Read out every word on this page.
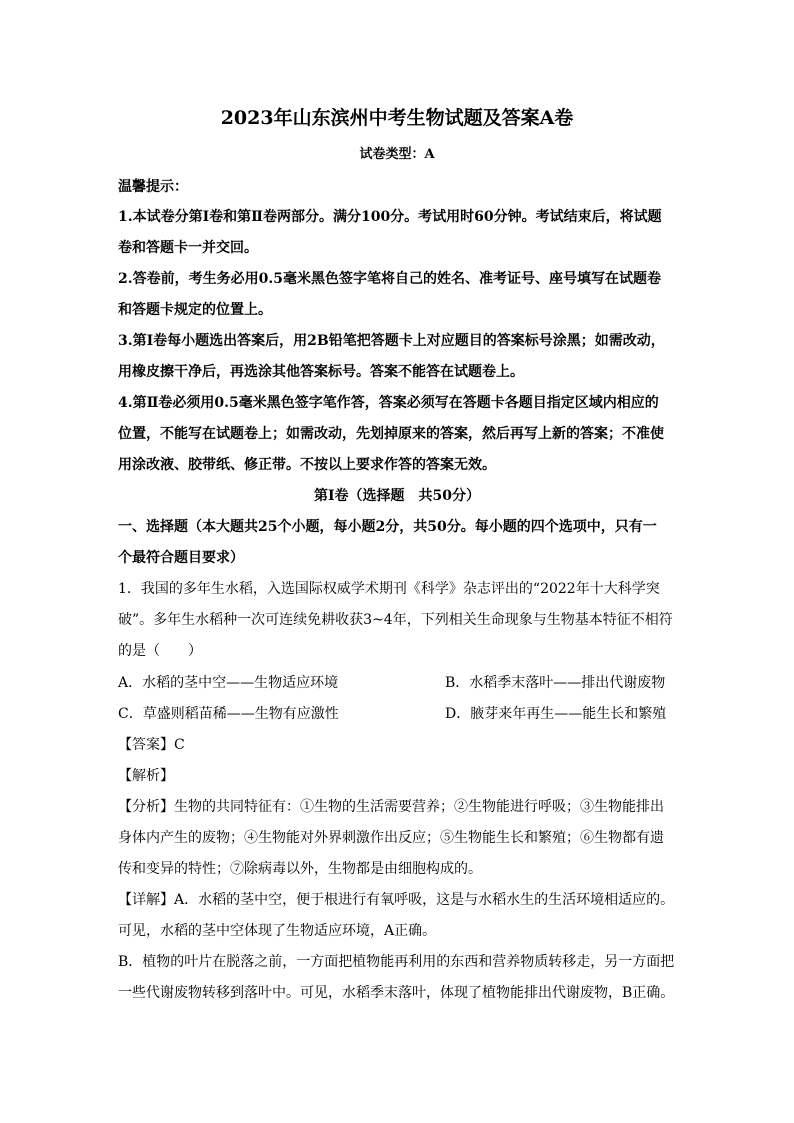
2023年山东滨州中考生物试题及答案A卷
试卷类型：A
温馨提示：
1.本试卷分第Ⅰ卷和第Ⅱ卷两部分。满分100分。考试用时60分钟。考试结束后，将试题
卷和答题卡一并交回。
2.答卷前，考生务必用0.5毫米黑色签字笔将自己的姓名、准考证号、座号填写在试题卷
和答题卡规定的位置上。
3.第Ⅰ卷每小题选出答案后，用2B铅笔把答题卡上对应题目的答案标号涂黑；如需改动，
用橡皮擦干净后，再选涂其他答案标号。答案不能答在试题卷上。
4.第Ⅱ卷必须用0.5毫米黑色签字笔作答，答案必须写在答题卡各题目指定区域内相应的
位置，不能写在试题卷上；如需改动，先划掉原来的答案，然后再写上新的答案；不准使
用涂改液、胶带纸、修正带。不按以上要求作答的答案无效。
第Ⅰ卷（选择题　共50分）
一、选择题（本大题共25个小题，每小题2分，共50分。每小题的四个选项中，只有一
个最符合题目要求）
1．我国的多年生水稻，入选国际权威学术期刊《科学》杂志评出的“2022年十大科学突
破”。多年生水稻种一次可连续免耕收获3~4年，下列相关生命现象与生物基本特征不相符
的是（　　）
A．水稻的茎中空——生物适应环境	B．水稻季末落叶——排出代谢废物
C．草盛则稻苗稀——生物有应激性	D．腋芽来年再生——能生长和繁殖
【答案】C
【解析】
【分析】生物的共同特征有：①生物的生活需要营养；②生物能进行呼吸；③生物能排出
身体内产生的废物；④生物能对外界刺激作出反应；⑤生物能生长和繁殖；⑥生物都有遗
传和变异的特性；⑦除病毒以外，生物都是由细胞构成的。
【详解】A．水稻的茎中空，便于根进行有氧呼吸，这是与水稻水生的生活环境相适应的。
可见，水稻的茎中空体现了生物适应环境，A正确。
B．植物的叶片在脱落之前，一方面把植物能再利用的东西和营养物质转移走，另一方面把
一些代谢废物转移到落叶中。可见，水稻季末落叶，体现了植物能排出代谢废物，B正确。
